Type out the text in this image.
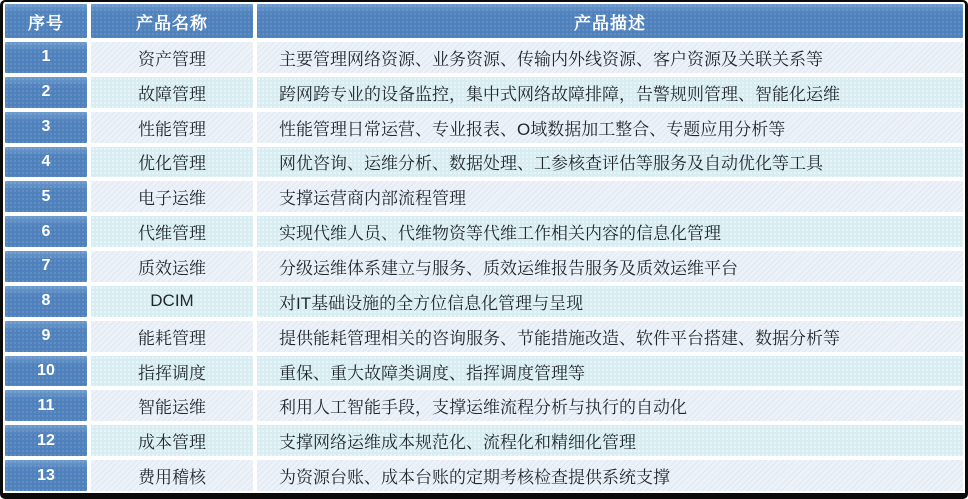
序号	产品名称	产品描述
1	资产管理	主要管理网络资源、业务资源、传输内外线资源、客户资源及关联关系等
2	故障管理	跨网跨专业的设备监控，集中式网络故障排障，告警规则管理、智能化运维
3	性能管理	性能管理日常运营、专业报表、O域数据加工整合、专题应用分析等
4	优化管理	网优咨询、运维分析、数据处理、工参核查评估等服务及自动优化等工具
5	电子运维	支撑运营商内部流程管理
6	代维管理	实现代维人员、代维物资等代维工作相关内容的信息化管理
7	质效运维	分级运维体系建立与服务、质效运维报告服务及质效运维平台
8	DCIM	对IT基础设施的全方位信息化管理与呈现
9	能耗管理	提供能耗管理相关的咨询服务、节能措施改造、软件平台搭建、数据分析等
10	指挥调度	重保、重大故障类调度、指挥调度管理等
11	智能运维	利用人工智能手段，支撑运维流程分析与执行的自动化
12	成本管理	支撑网络运维成本规范化、流程化和精细化管理
13	费用稽核	为资源台账、成本台账的定期考核检查提供系统支撑
